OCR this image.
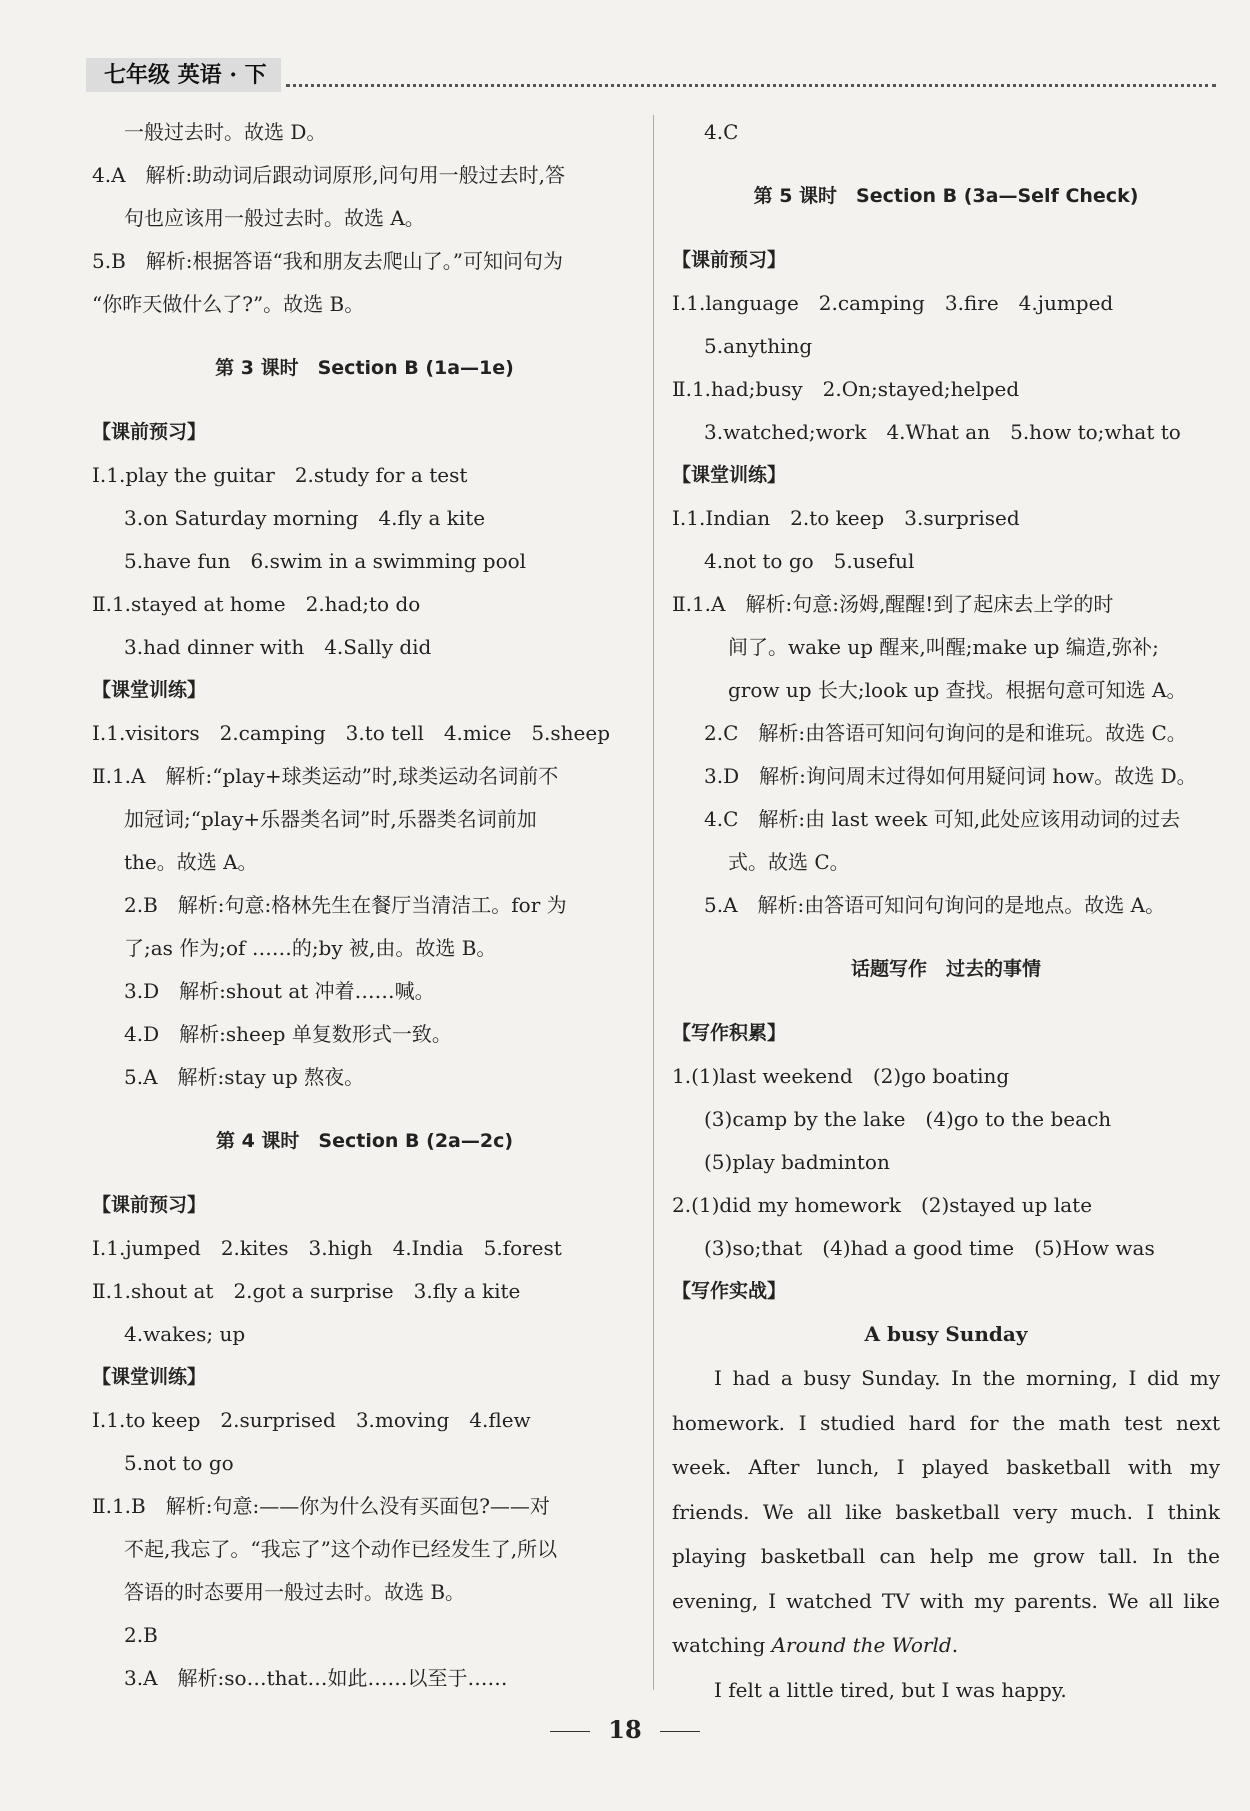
七年级 英语 · 下
一般过去时。故选 D。
4.A　解析:助动词后跟动词原形,问句用一般过去时,答
句也应该用一般过去时。故选 A。
5.B　解析:根据答语“我和朋友去爬山了。”可知问句为
“你昨天做什么了?”。故选 B。
第 3 课时　Section B (1a—1e)
【课前预习】
Ⅰ.1.play the guitar　2.study for a test
3.on Saturday morning　4.fly a kite
5.have fun　6.swim in a swimming pool
Ⅱ.1.stayed at home　2.had;to do
3.had dinner with　4.Sally did
【课堂训练】
Ⅰ.1.visitors　2.camping　3.to tell　4.mice　5.sheep
Ⅱ.1.A　解析:“play+球类运动”时,球类运动名词前不
加冠词;“play+乐器类名词”时,乐器类名词前加
the。故选 A。
2.B　解析:句意:格林先生在餐厅当清洁工。for 为
了;as 作为;of ……的;by 被,由。故选 B。
3.D　解析:shout at 冲着……喊。
4.D　解析:sheep 单复数形式一致。
5.A　解析:stay up 熬夜。
第 4 课时　Section B (2a—2c)
【课前预习】
Ⅰ.1.jumped　2.kites　3.high　4.India　5.forest
Ⅱ.1.shout at　2.got a surprise　3.fly a kite
4.wakes; up
【课堂训练】
Ⅰ.1.to keep　2.surprised　3.moving　4.flew
5.not to go
Ⅱ.1.B　解析:句意:——你为什么没有买面包?——对
不起,我忘了。“我忘了”这个动作已经发生了,所以
答语的时态要用一般过去时。故选 B。
2.B
3.A　解析:so…that…如此……以至于……
4.C
第 5 课时　Section B (3a—Self Check)
【课前预习】
Ⅰ.1.language　2.camping　3.fire　4.jumped
5.anything
Ⅱ.1.had;busy　2.On;stayed;helped
3.watched;work　4.What an　5.how to;what to
【课堂训练】
Ⅰ.1.Indian　2.to keep　3.surprised
4.not to go　5.useful
Ⅱ.1.A　解析:句意:汤姆,醒醒!到了起床去上学的时
间了。wake up 醒来,叫醒;make up 编造,弥补;
grow up 长大;look up 查找。根据句意可知选 A。
2.C　解析:由答语可知问句询问的是和谁玩。故选 C。
3.D　解析:询问周末过得如何用疑问词 how。故选 D。
4.C　解析:由 last week 可知,此处应该用动词的过去
式。故选 C。
5.A　解析:由答语可知问句询问的是地点。故选 A。
话题写作　过去的事情
【写作积累】
1.(1)last weekend　(2)go boating
(3)camp by the lake　(4)go to the beach
(5)play badminton
2.(1)did my homework　(2)stayed up late
(3)so;that　(4)had a good time　(5)How was
【写作实战】
A busy Sunday

I had a busy Sunday. In the morning, I did my homework. I studied hard for the math test next week. After lunch, I played basketball with my friends. We all like basketball very much. I think playing basketball can help me grow tall. In the evening, I watched TV with my parents. We all like watching Around the World.

I felt a little tired, but I was happy.

18
